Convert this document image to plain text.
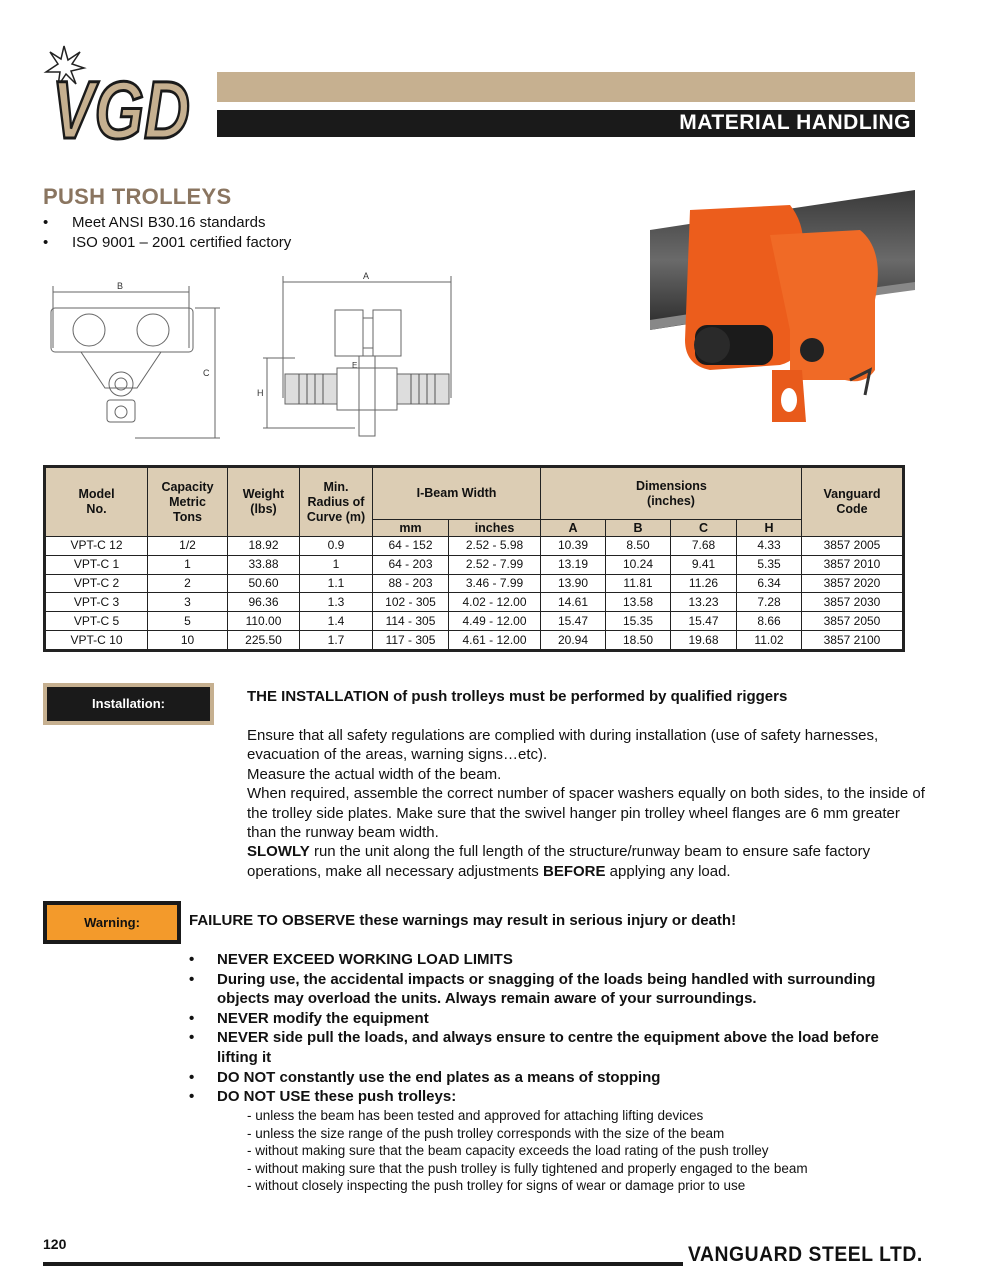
VGD	MATERIAL HANDLING
PUSH TROLLEYS
• Meet ANSI B30.16 standards
• ISO 9001 – 2001 certified factory
B
C
A
H
E
Model No.	Capacity Metric Tons	Weight (lbs)	Min. Radius of Curve (m)	I-Beam Width		Dimensions (inches)				Vanguard Code
				mm	inches	A	B	C	H	
VPT-C 12	1/2	18.92	0.9	64 - 152	2.52 - 5.98	10.39	8.50	7.68	4.33	3857 2005
VPT-C 1	1	33.88	1	64 - 203	2.52 - 7.99	13.19	10.24	9.41	5.35	3857 2010
VPT-C 2	2	50.60	1.1	88 - 203	3.46 - 7.99	13.90	11.81	11.26	6.34	3857 2020
VPT-C 3	3	96.36	1.3	102 - 305	4.02 - 12.00	14.61	13.58	13.23	7.28	3857 2030
VPT-C 5	5	110.00	1.4	114 - 305	4.49 - 12.00	15.47	15.35	15.47	8.66	3857 2050
VPT-C 10	10	225.50	1.7	117 - 305	4.61 - 12.00	20.94	18.50	19.68	11.02	3857 2100
Installation:	THE INSTALLATION of push trolleys must be performed by qualified riggers

Ensure that all safety regulations are complied with during installation (use of safety harnesses, evacuation of the areas, warning signs…etc).

Measure the actual width of the beam.

When required, assemble the correct number of spacer washers equally on both sides, to the inside of the trolley side plates. Make sure that the swivel hanger pin trolley wheel flanges are 6 mm greater than the runway beam width.

SLOWLY run the unit along the full length of the structure/runway beam to ensure safe factory operations, make all necessary adjustments BEFORE applying any load.

Warning:	FAILURE TO OBSERVE these warnings may result in serious injury or death!
•	NEVER EXCEED WORKING LOAD LIMITS
•	During use, the accidental impacts or snagging of the loads being handled with surrounding objects may overload the units. Always remain aware of your surroundings.
•	NEVER modify the equipment
•	NEVER side pull the loads, and always ensure to centre the equipment above the load before lifting it
•	DO NOT constantly use the end plates as a means of stopping
•	DO NOT USE these push trolleys:
- unless the beam has been tested and approved for attaching lifting devices
- unless the size range of the push trolley corresponds with the size of the beam
- without making sure that the beam capacity exceeds the load rating of the push trolley
- without making sure that the push trolley is fully tightened and properly engaged to the beam
- without closely inspecting the push trolley for signs of wear or damage prior to use
120	VANGUARD STEEL LTD.
